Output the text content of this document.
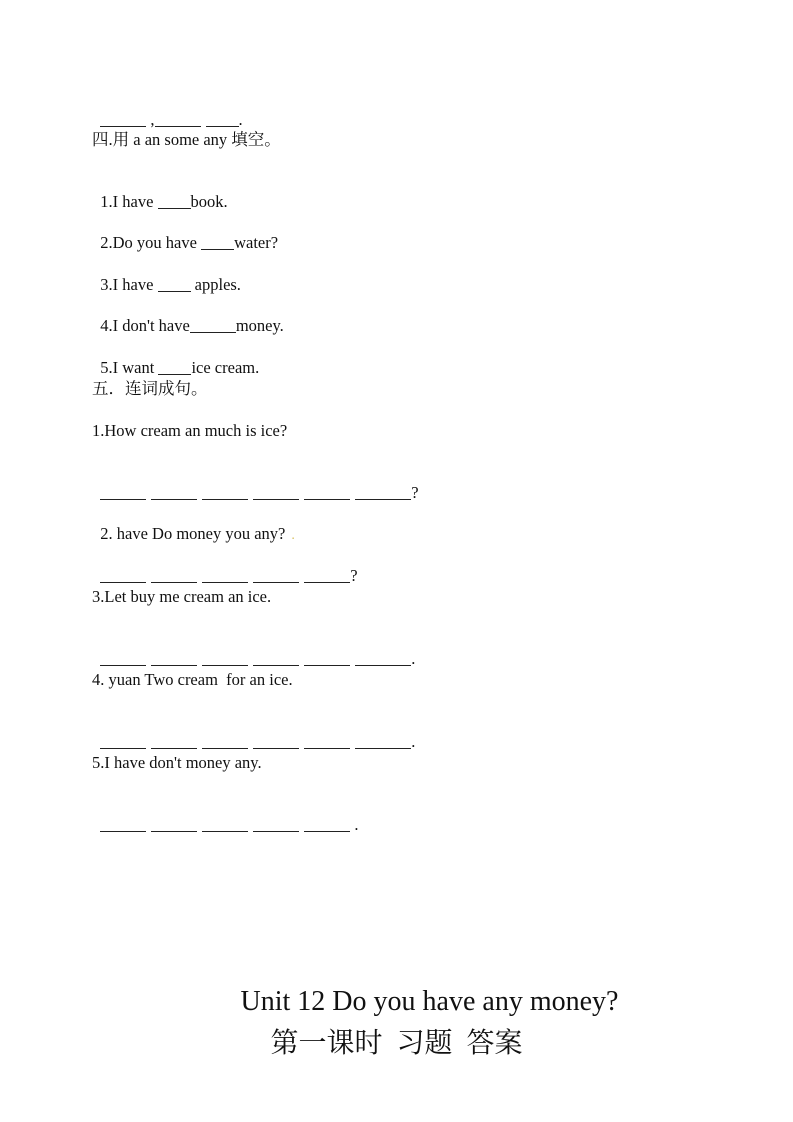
,	.

四.用 a an some any 填空。

1.I have book.

2.Do you have water?

3.I have  apples.

4.I don't have	money.

5.I want ice cream.

五．连词成句。
1.How cream an much is ice?

?

2. have Do money you any? .

?

3.Let buy me cream an ice.

.

4. yuan Two cream  for an ice.

.

5.I have don't money any.

.

Unit 12 Do you have any money?
第一课时  习题  答案
